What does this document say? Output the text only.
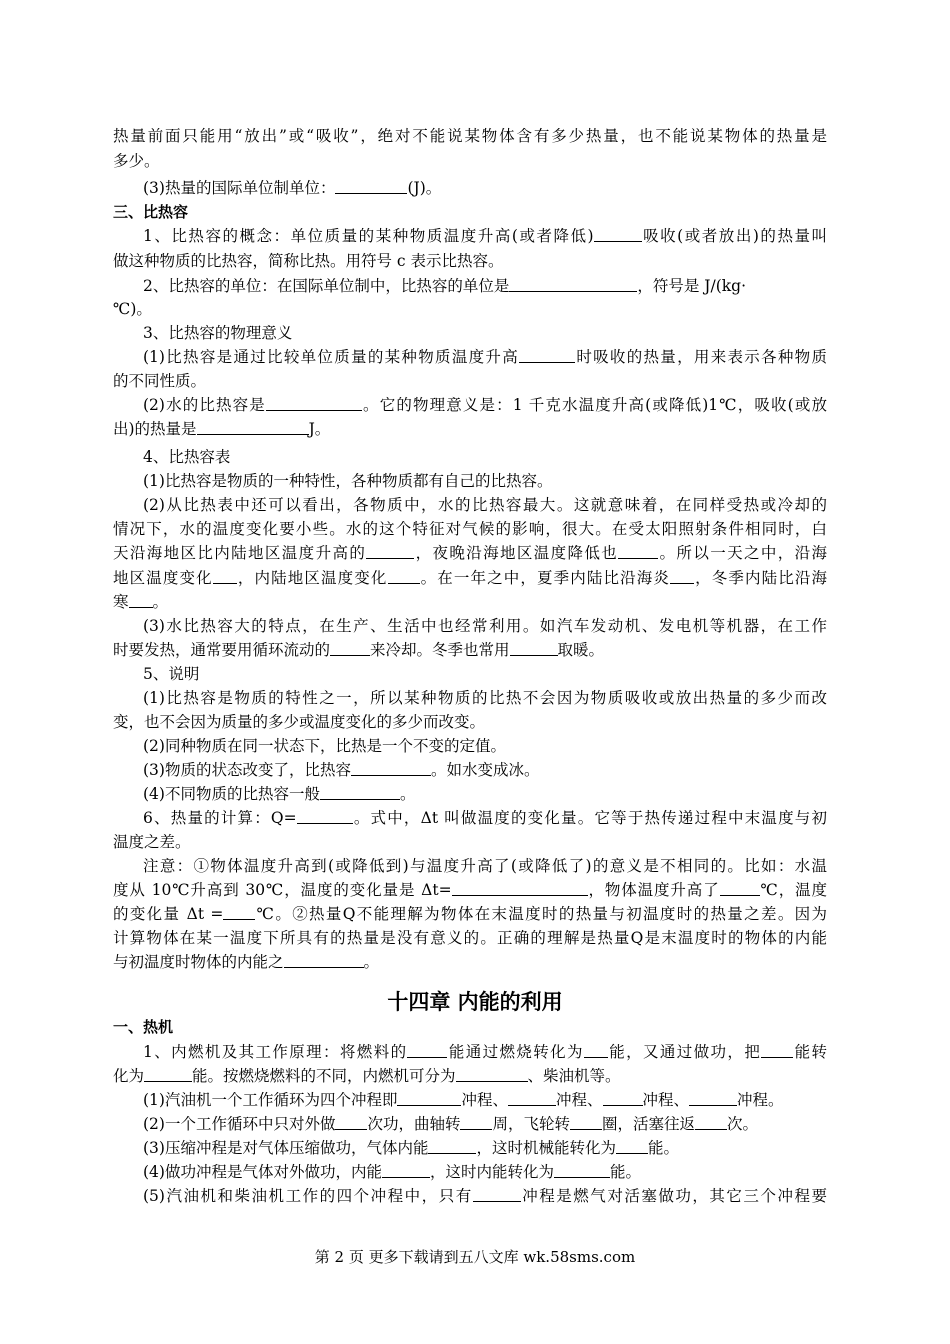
热量前面只能用“放出”或“吸收”，绝对不能说某物体含有多少热量，也不能说某物体的热量是
多少。
(3)热量的国际单位制单位：	(J)。
三、比热容
1、比热容的概念：单位质量的某种物质温度升高(或者降低)	吸收(或者放出)的热量叫
做这种物质的比热容，简称比热。用符号 c 表示比热容。
2、比热容的单位：在国际单位制中，比热容的单位是	，符号是 J/(kg·
℃)。
3、比热容的物理意义
(1)比热容是通过比较单位质量的某种物质温度升高	时吸收的热量，用来表示各种物质
的不同性质。
(2)水的比热容是	。它的物理意义是：1 千克水温度升高(或降低)1℃，吸收(或放
出)的热量是	J。
4、比热容表
(1)比热容是物质的一种特性，各种物质都有自己的比热容。
(2)从比热表中还可以看出，各物质中，水的比热容最大。这就意味着，在同样受热或冷却的
情况下，水的温度变化要小些。水的这个特征对气候的影响，很大。在受太阳照射条件相同时，白
天沿海地区比内陆地区温度升高的	，夜晚沿海地区温度降低也	。所以一天之中，沿海
地区温度变化 ，内陆地区温度变化 。在一年之中，夏季内陆比沿海炎 ，冬季内陆比沿海
寒 。
(3)水比热容大的特点，在生产、生活中也经常利用。如汽车发动机、发电机等机器，在工作
时要发热，通常要用循环流动的	来冷却。冬季也常用	取暖。
5、说明
(1)比热容是物质的特性之一，所以某种物质的比热不会因为物质吸收或放出热量的多少而改
变，也不会因为质量的多少或温度变化的多少而改变。
(2)同种物质在同一状态下，比热是一个不变的定值。
(3)物质的状态改变了，比热容	。如水变成冰。
(4)不同物质的比热容一般	。
6、热量的计算：Q=	。式中，Δt 叫做温度的变化量。它等于热传递过程中末温度与初
温度之差。
注意：①物体温度升高到(或降低到)与温度升高了(或降低了)的意义是不相同的。比如：水温
度从 10℃升高到 30℃，温度的变化量是 Δt=	，物体温度升高了	℃，温度
的变化量 Δt = ℃。②热量Q不能理解为物体在末温度时的热量与初温度时的热量之差。因为
计算物体在某一温度下所具有的热量是没有意义的。正确的理解是热量Q是末温度时的物体的内能
与初温度时物体的内能之	。
一、热机
1、内燃机及其工作原理：将燃料的	能通过燃烧转化为 能，又通过做功，把 能转
化为	能。按燃烧燃料的不同，内燃机可分为	、柴油机等。
(1)汽油机一个工作循环为四个冲程即	冲程、	冲程、	冲程、	冲程。
(2)一个工作循环中只对外做 次功，曲轴转 周，飞轮转 圈，活塞往返 次。
(3)压缩冲程是对气体压缩做功，气体内能	，这时机械能转化为 能。
(4)做功冲程是气体对外做功，内能	，这时内能转化为	能。
(5)汽油机和柴油机工作的四个冲程中，只有	冲程是燃气对活塞做功，其它三个冲程要
十四章 内能的利用
第 2 页 更多下载请到五八文库 wk.58sms.com
